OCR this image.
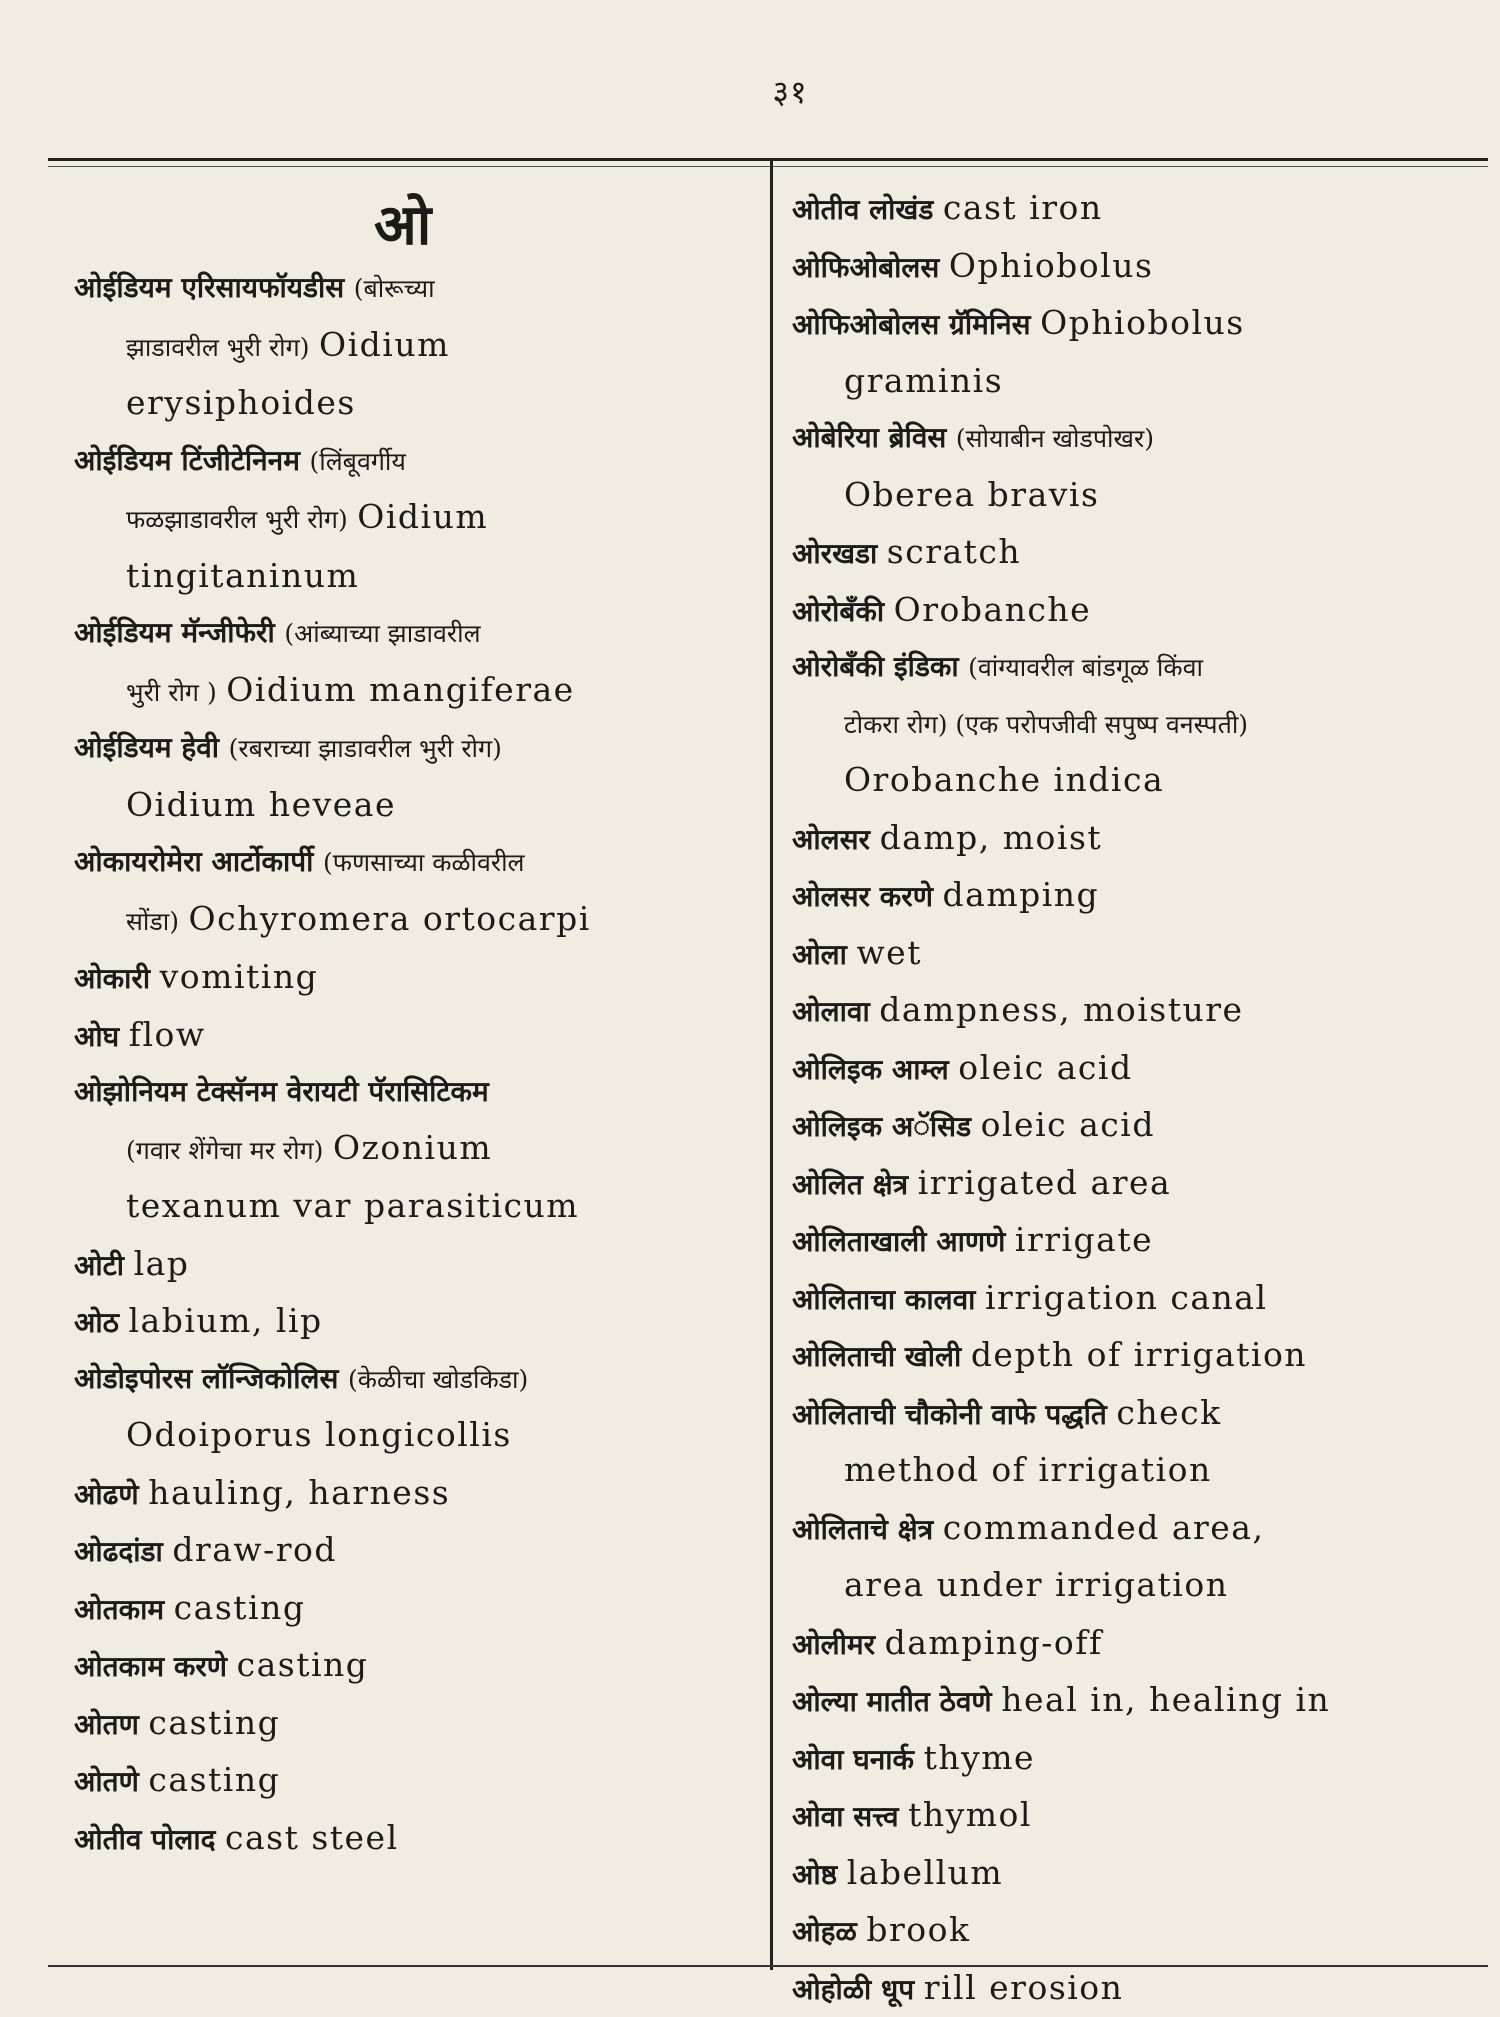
३१
ओ
ओईडियम एरिसायफॉयडीस (बोरूच्या
झाडावरील भुरी रोग) Oidium
erysiphoides
ओईडियम टिंजीटेनिनम (लिंबूवर्गीय
फळझाडावरील भुरी रोग) Oidium
tingitaninum
ओईडियम मॅन्जीफेरी (आंब्याच्या झाडावरील
भुरी रोग ) Oidium mangiferae
ओईडियम हेवी (रबराच्या झाडावरील भुरी रोग)
Oidium heveae
ओकायरोमेरा आर्टोकार्पी (फणसाच्या कळीवरील
सोंडा) Ochyromera ortocarpi
ओकारी vomiting
ओघ flow
ओझोनियम टेक्सॅनम वेरायटी पॅरासिटिकम
(गवार शेंगेचा मर रोग) Ozonium
texanum var parasiticum
ओटी lap
ओठ labium, lip
ओडोइपोरस लॉन्जिकोलिस (केळीचा खोडकिडा)
Odoiporus longicollis
ओढणे hauling, harness
ओढदांडा draw-rod
ओतकाम casting
ओतकाम करणे casting
ओतण casting
ओतणे casting
ओतीव पोलाद cast steel
ओतीव लोखंड cast iron
ओफिओबोलस Ophiobolus
ओफिओबोलस ग्रॅमिनिस Ophiobolus
graminis
ओबेरिया ब्रेविस (सोयाबीन खोडपोखर)
Oberea bravis
ओरखडा scratch
ओरोबँकी Orobanche
ओरोबँकी इंडिका (वांग्यावरील बांडगूळ किंवा
टोकरा रोग) (एक परोपजीवी सपुष्प वनस्पती)
Orobanche indica
ओलसर damp, moist
ओलसर करणे damping
ओला wet
ओलावा dampness, moisture
ओलिइक आम्ल oleic acid
ओलिइक अॅसिड oleic acid
ओलित क्षेत्र irrigated area
ओलिताखाली आणणे irrigate
ओलिताचा कालवा irrigation canal
ओलिताची खोली depth of irrigation
ओलिताची चौकोनी वाफे पद्धति check
method of irrigation
ओलिताचे क्षेत्र commanded area,
area under irrigation
ओलीमर damping-off
ओल्या मातीत ठेवणे heal in, healing in
ओवा घनार्क thyme
ओवा सत्त्व thymol
ओष्ठ labellum
ओहळ brook
ओहोळी धूप rill erosion
